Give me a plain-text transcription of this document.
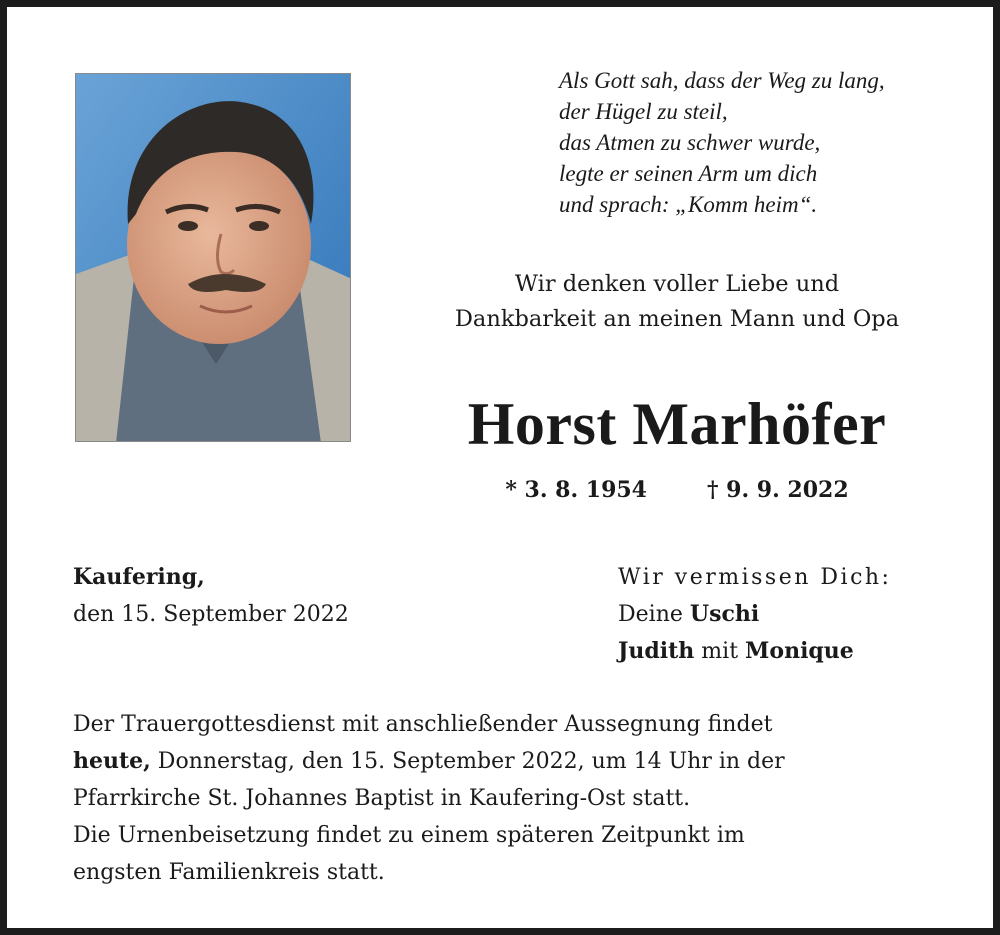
Als Gott sah, dass der Weg zu lang,
der Hügel zu steil,
das Atmen zu schwer wurde,
legte er seinen Arm um dich
und sprach: „Komm heim“.
Wir denken voller Liebe und
Dankbarkeit an meinen Mann und Opa
Horst Marhöfer
* 3. 8. 1954	† 9. 9. 2022
Kaufering,
den 15. September 2022
Wir vermissen Dich:
Deine Uschi
Judith mit Monique
Der Trauergottesdienst mit anschließender Aussegnung findet
heute, Donnerstag, den 15. September 2022, um 14 Uhr in der
Pfarrkirche St. Johannes Baptist in Kaufering-Ost statt.
Die Urnenbeisetzung findet zu einem späteren Zeitpunkt im
engsten Familienkreis statt.
